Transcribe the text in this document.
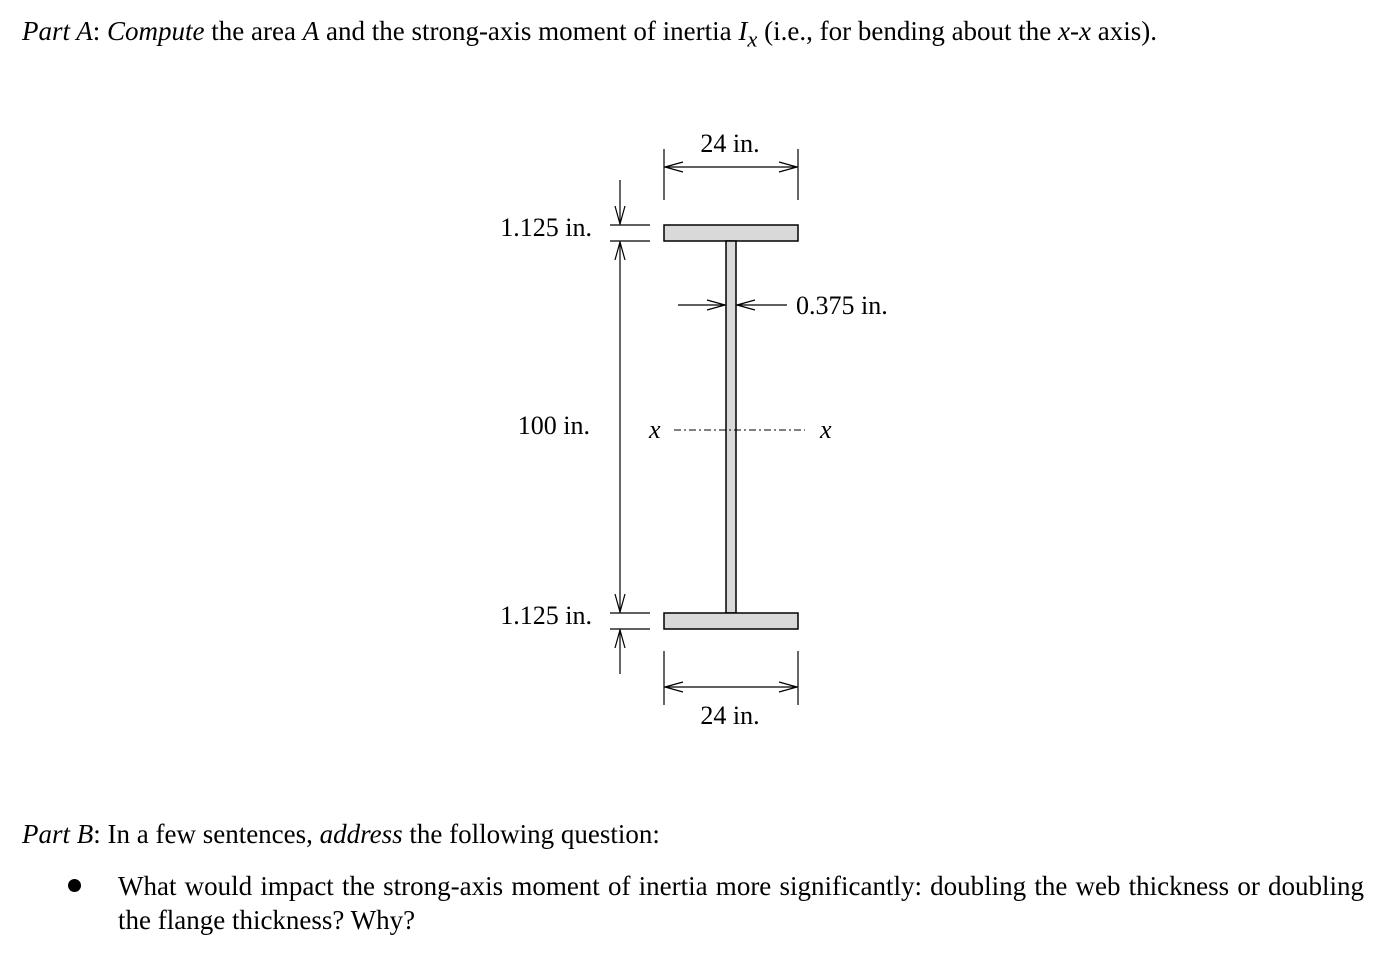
Part A: Compute the area A and the strong-axis moment of inertia $I_x$ (i.e., for bending about the x-x axis).
x	x
24 in.
24 in.
1.125 in.
100 in.
1.125 in.
0.375 in.
Part B: In a few sentences, address the following question:
What would impact the strong-axis moment of inertia more significantly: doubling the web thickness or doubling the flange thickness? Why?
